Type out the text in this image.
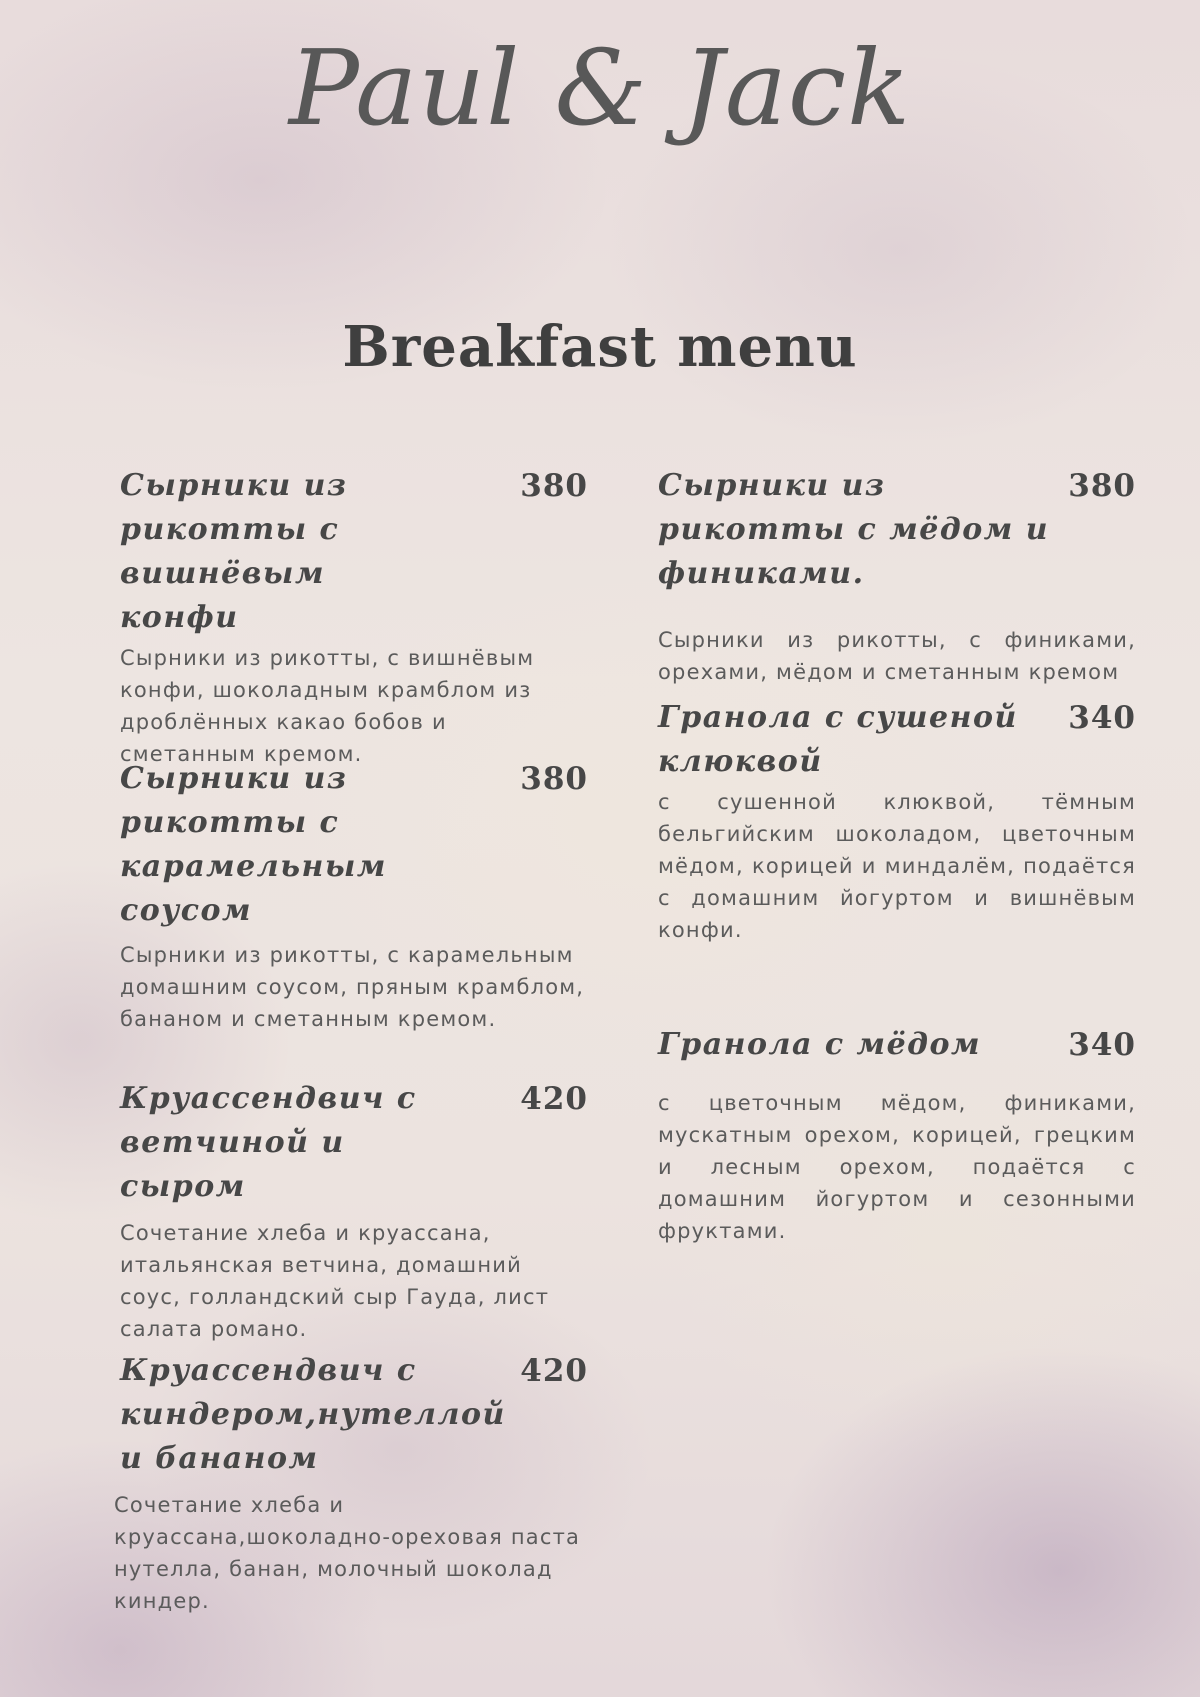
Paul & Jack
Breakfast menu
Сырники из рикотты с вишнёвым конфи
380
Сырники из рикотты, с вишнёвым конфи, шоколадным крамблом из дроблённых какао бобов и сметанным кремом.
Сырники из рикотты с карамельным соусом
380
Сырники из рикотты, с карамельным домашним соусом, пряным крамблом, бананом и сметанным кремом.
Круассендвич с ветчиной и сыром
420
Сочетание хлеба и круассана, итальянская ветчина, домашний соус, голландский сыр Гауда, лист салата романо.
Круассендвич с киндером,нутеллой и бананом
420
Сочетание хлеба и круассана,шоколадно-ореховая паста нутелла, банан, молочный шоколад киндер.
Сырники из рикотты с мёдом и финиками.
380
Сырники из рикотты, с финиками, орехами, мёдом и сметанным кремом
Гранола с сушеной клюквой
340
с сушенной клюквой, тёмным бельгийским шоколадом, цветочным мёдом, корицей и миндалём, подаётся с домашним йогуртом и вишнёвым конфи.
Гранола с мёдом	340
с цветочным мёдом, финиками, мускатным орехом, корицей, грецким и лесным орехом, подаётся с домашним йогуртом и сезонными фруктами.
